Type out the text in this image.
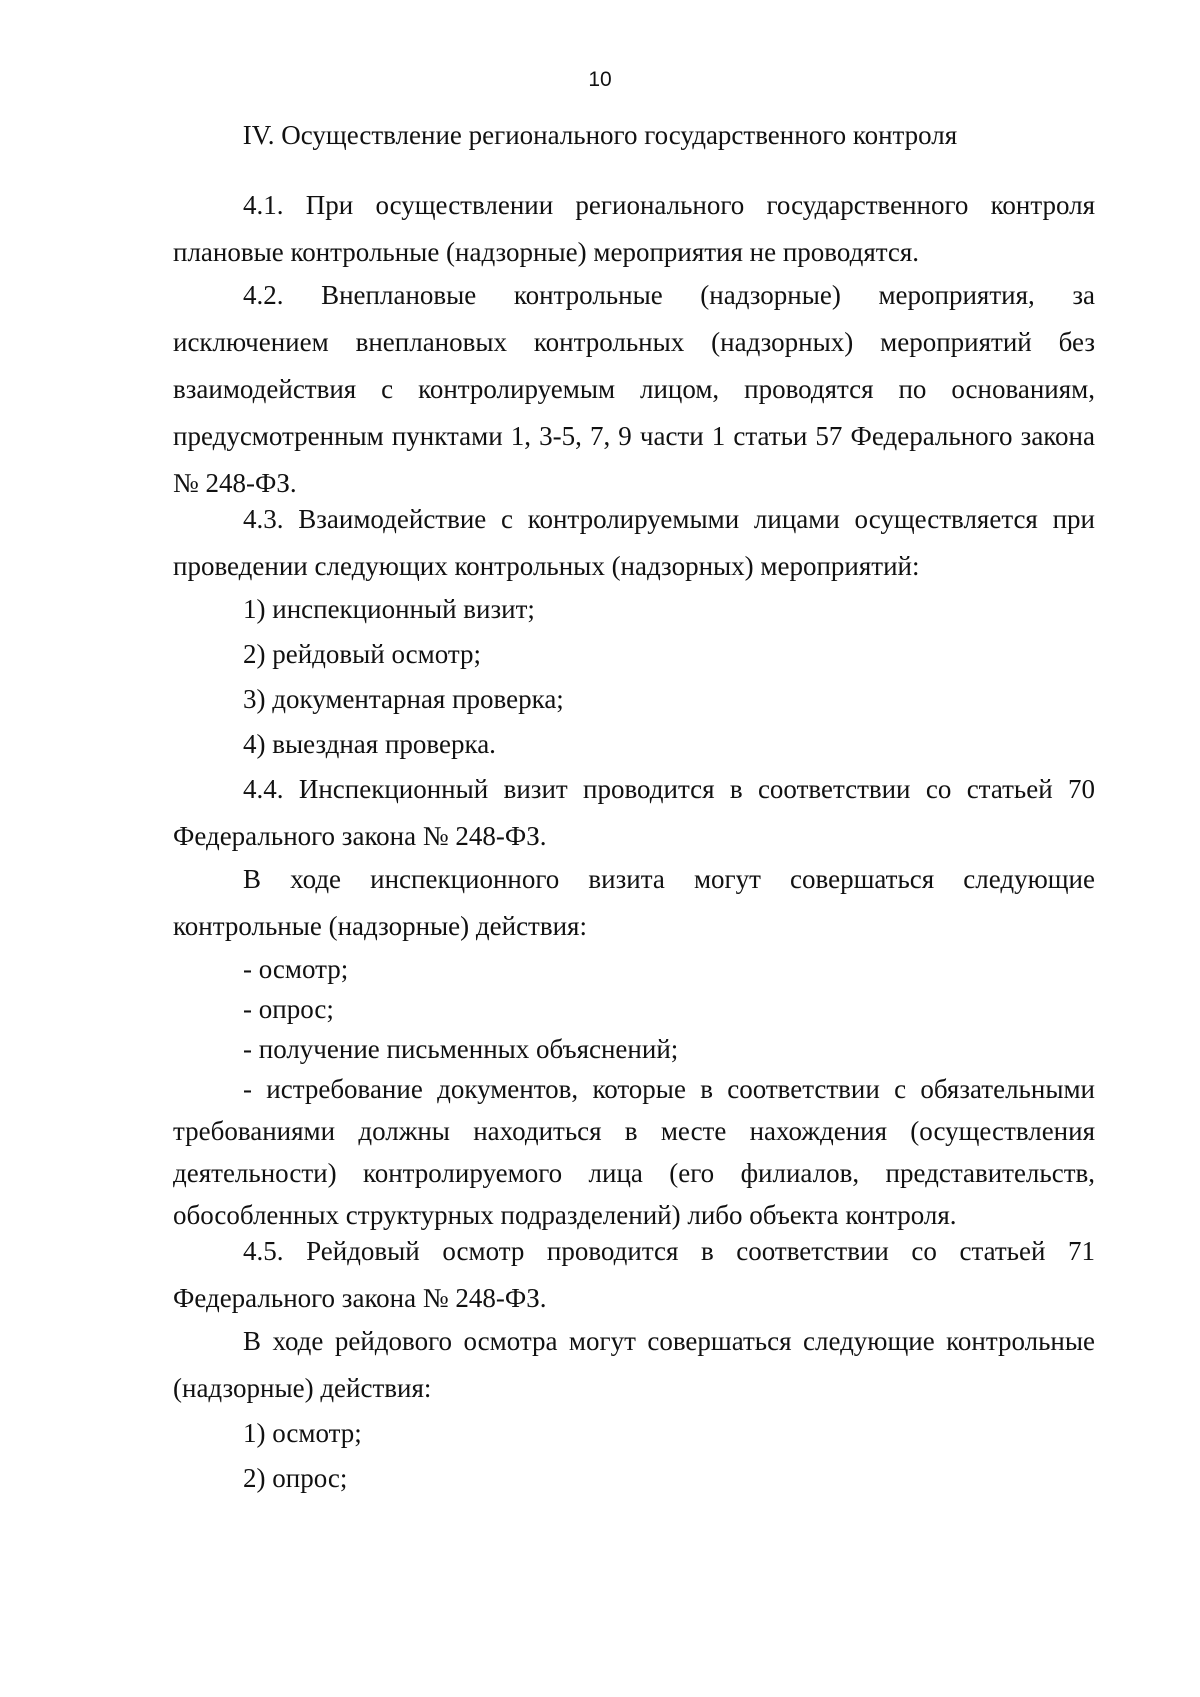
10
IV. Осуществление регионального государственного контроля
4.1. При осуществлении регионального государственного контроля плановые контрольные (надзорные) мероприятия не проводятся.
4.2. Внеплановые контрольные (надзорные) мероприятия, за исключением внеплановых контрольных (надзорных) мероприятий без взаимодействия с контролируемым лицом, проводятся по основаниям, предусмотренным пунктами 1, 3-5, 7, 9 части 1 статьи 57 Федерального закона № 248-ФЗ.
4.3. Взаимодействие с контролируемыми лицами осуществляется при проведении следующих контрольных (надзорных) мероприятий:
1) инспекционный визит;
2) рейдовый осмотр;
3) документарная проверка;
4) выездная проверка.
4.4. Инспекционный визит проводится в соответствии со статьей 70 Федерального закона № 248-ФЗ.
В ходе инспекционного визита могут совершаться следующие контрольные (надзорные) действия:
- осмотр;
- опрос;
- получение письменных объяснений;
- истребование документов, которые в соответствии с обязательными требованиями должны находиться в месте нахождения (осуществления деятельности) контролируемого лица (его филиалов, представительств, обособленных структурных подразделений) либо объекта контроля.
4.5. Рейдовый осмотр проводится в соответствии со статьей 71 Федерального закона № 248-ФЗ.
В ходе рейдового осмотра могут совершаться следующие контрольные (надзорные) действия:
1) осмотр;
2) опрос;
